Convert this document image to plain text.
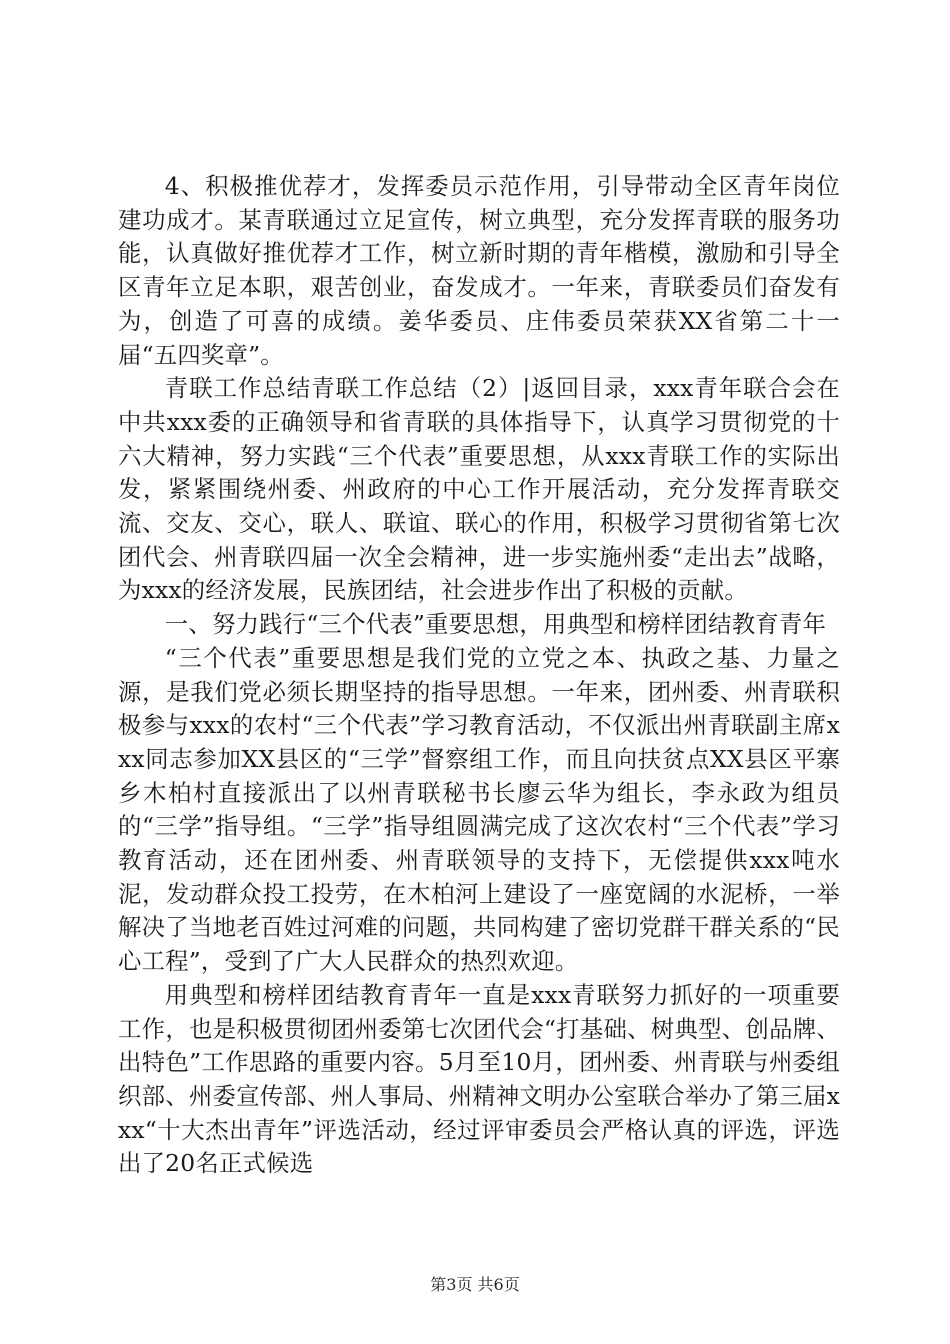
4、积极推优荐才，发挥委员示范作用，引导带动全区青年岗位建功成才。某青联通过立足宣传，树立典型，充分发挥青联的服务功能，认真做好推优荐才工作，树立新时期的青年楷模，激励和引导全区青年立足本职，艰苦创业，奋发成才。一年来，青联委员们奋发有为，创造了可喜的成绩。姜华委员、庄伟委员荣获XX省第二十一届“五四奖章”。

青联工作总结青联工作总结（2）|返回目录，xxx青年联合会在中共xxx委的正确领导和省青联的具体指导下，认真学习贯彻党的十六大精神，努力实践“三个代表”重要思想，从xxx青联工作的实际出发，紧紧围绕州委、州政府的中心工作开展活动，充分发挥青联交流、交友、交心，联人、联谊、联心的作用，积极学习贯彻省第七次团代会、州青联四届一次全会精神，进一步实施州委“走出去”战略，为xxx的经济发展，民族团结，社会进步作出了积极的贡献。

一、努力践行“三个代表”重要思想，用典型和榜样团结教育青年

“三个代表”重要思想是我们党的立党之本、执政之基、力量之源，是我们党必须长期坚持的指导思想。一年来，团州委、州青联积极参与xxx的农村“三个代表”学习教育活动，不仅派出州青联副主席xxx同志参加XX县区的“三学”督察组工作，而且向扶贫点XX县区平寨乡木柏村直接派出了以州青联秘书长廖云华为组长，李永政为组员的“三学”指导组。“三学”指导组圆满完成了这次农村“三个代表”学习教育活动，还在团州委、州青联领导的支持下，无偿提供xxx吨水泥，发动群众投工投劳，在木柏河上建设了一座宽阔的水泥桥，一举解决了当地老百姓过河难的问题，共同构建了密切党群干群关系的“民心工程”，受到了广大人民群众的热烈欢迎。

用典型和榜样团结教育青年一直是xxx青联努力抓好的一项重要工作，也是积极贯彻团州委第七次团代会“打基础、树典型、创品牌、出特色”工作思路的重要内容。5月至10月，团州委、州青联与州委组织部、州委宣传部、州人事局、州精神文明办公室联合举办了第三届xxx“十大杰出青年”评选活动，经过评审委员会严格认真的评选，评选出了20名正式候选

第3页 共6页
